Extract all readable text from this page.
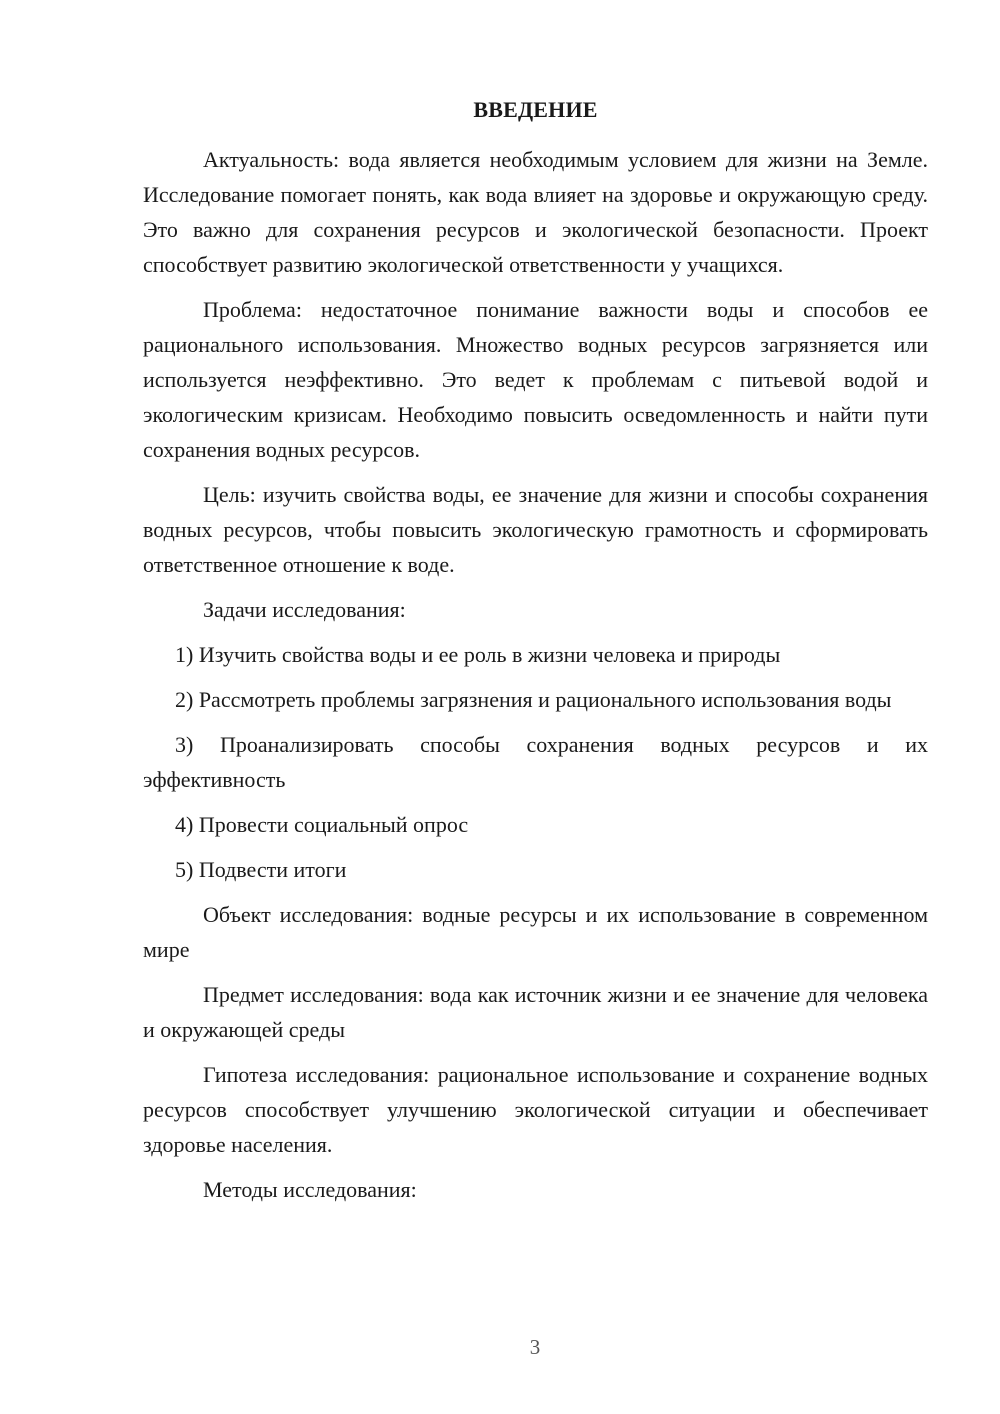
ВВЕДЕНИЕ

Актуальность: вода является необходимым условием для жизни на Земле. Исследование помогает понять, как вода влияет на здоровье и окружающую среду. Это важно для сохранения ресурсов и экологической безопасности. Проект способствует развитию экологической ответственности у учащихся.

Проблема: недостаточное понимание важности воды и способов ее рационального использования. Множество водных ресурсов загрязняется или используется неэффективно. Это ведет к проблемам с питьевой водой и экологическим кризисам. Необходимо повысить осведомленность и найти пути сохранения водных ресурсов.

Цель: изучить свойства воды, ее значение для жизни и способы сохранения водных ресурсов, чтобы повысить экологическую грамотность и сформировать ответственное отношение к воде.

Задачи исследования:

1) Изучить свойства воды и ее роль в жизни человека и природы

2) Рассмотреть проблемы загрязнения и рационального использования воды

3) Проанализировать способы сохранения водных ресурсов и их эффективность

4) Провести социальный опрос

5) Подвести итоги

Объект исследования: водные ресурсы и их использование в современном мире

Предмет исследования: вода как источник жизни и ее значение для человека и окружающей среды

Гипотеза исследования: рациональное использование и сохранение водных ресурсов способствует улучшению экологической ситуации и обеспечивает здоровье населения.

Методы исследования:

3
